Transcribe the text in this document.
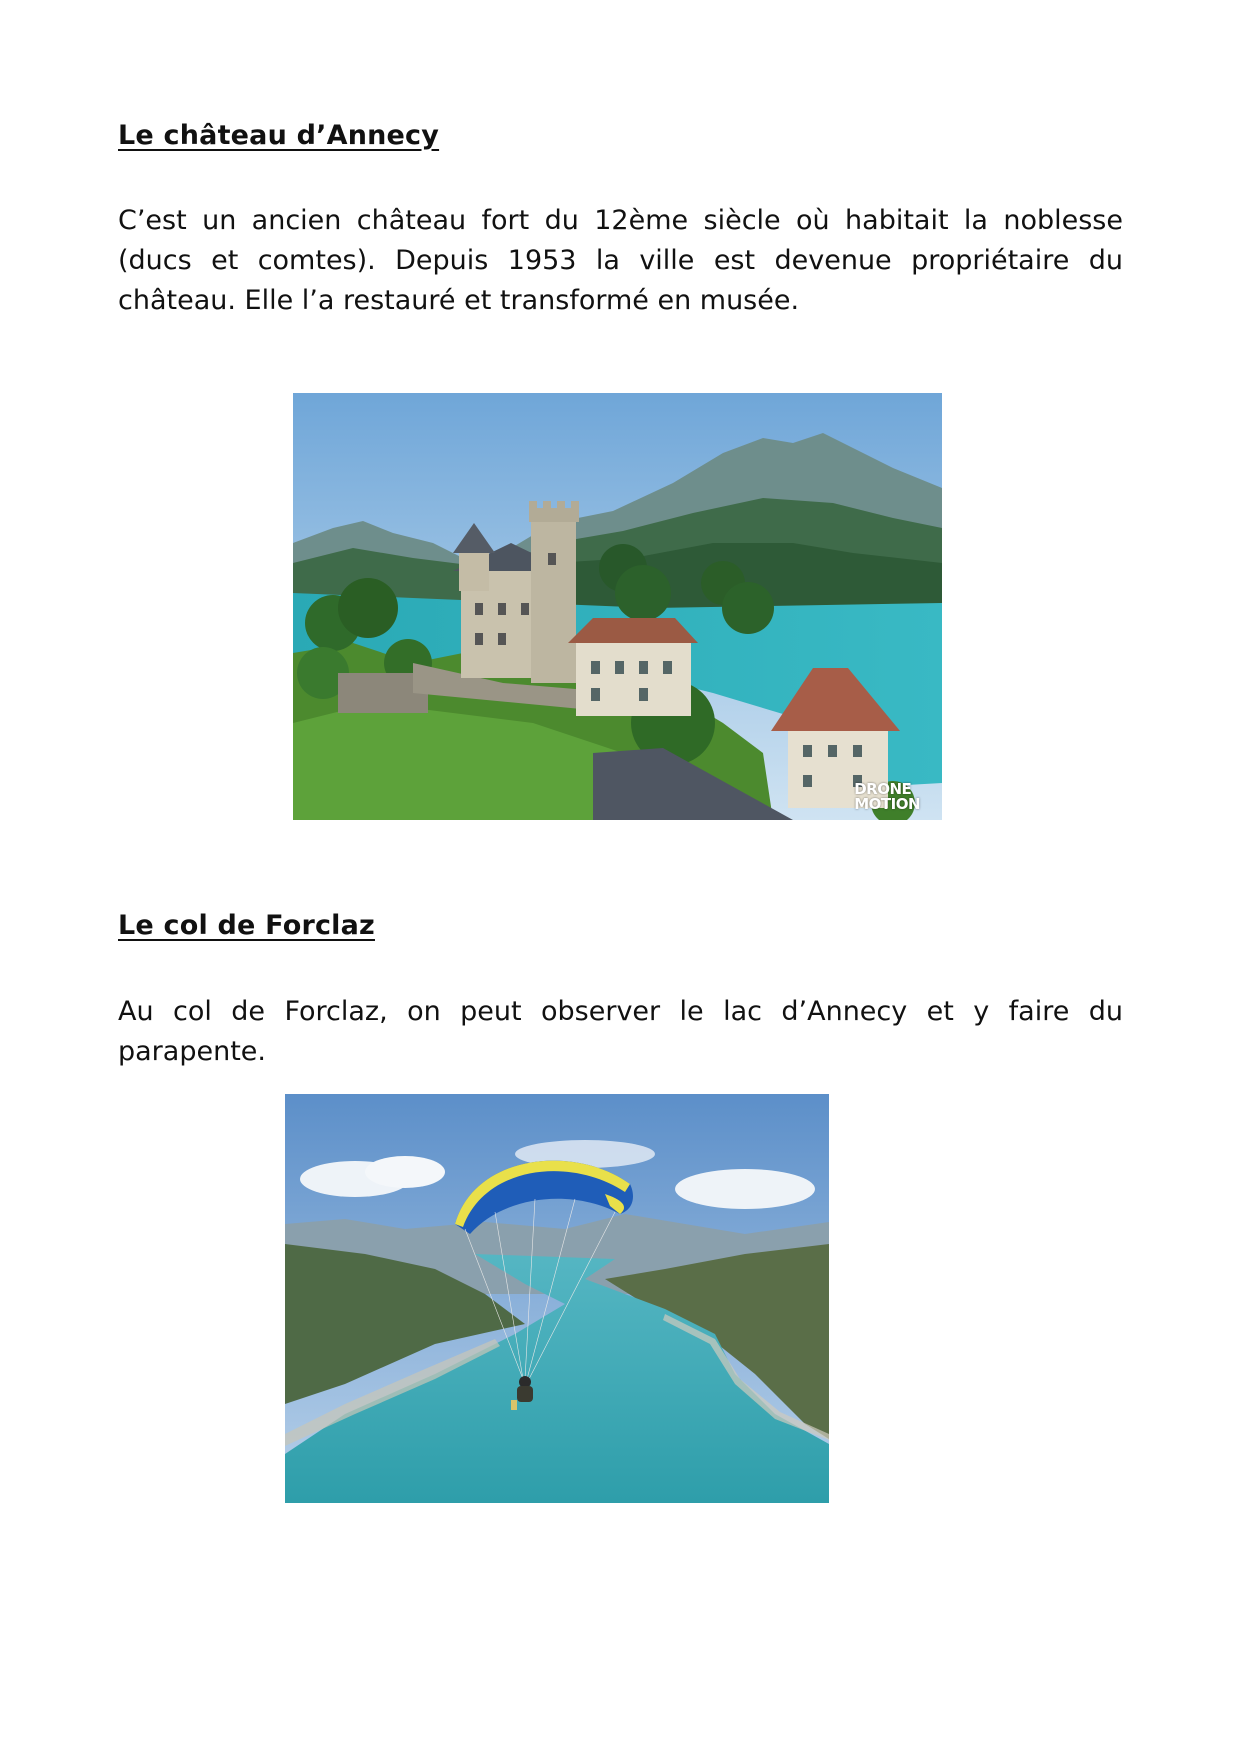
Le château d’Annecy

C’est un ancien château fort du 12ème siècle où habitait la noblesse (ducs et comtes). Depuis 1953 la ville est devenue propriétaire du château. Elle l’a restauré et transformé en musée.

DRONE
MOTION
Le col de Forclaz

Au col de Forclaz, on peut observer le lac d’Annecy et y faire du parapente.
